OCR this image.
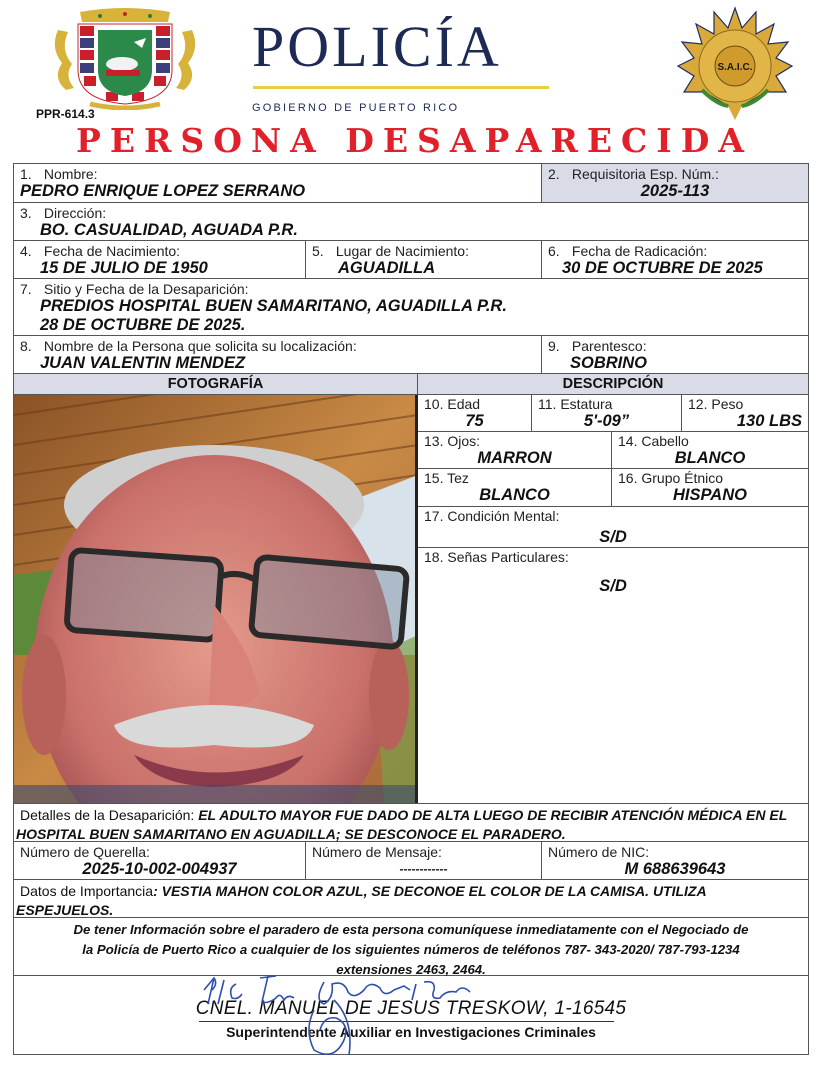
PPR-614.3
POLICÍA
GOBIERNO DE PUERTO RICO
S.A.I.C.
PERSONA DESAPARECIDA
1. Nombre:
PEDRO ENRIQUE LOPEZ SERRANO
2. Requisitoria Esp. Núm.:
2025-113
3. Dirección:
BO. CASUALIDAD, AGUADA P.R.
4. Fecha de Nacimiento:
15 DE JULIO DE 1950
5. Lugar de Nacimiento:
AGUADILLA
6. Fecha de Radicación:
30 DE OCTUBRE DE 2025
7. Sitio y Fecha de la Desaparición:
PREDIOS HOSPITAL BUEN SAMARITANO, AGUADILLA P.R.
28 DE OCTUBRE DE 2025.
8. Nombre de la Persona que solicita su localización:
JUAN VALENTIN MENDEZ
9. Parentesco:
SOBRINO
FOTOGRAFÍA	DESCRIPCIÓN
10. Edad
75
11. Estatura
5'-09”
12. Peso
130 LBS
13. Ojos:
MARRON
14. Cabello
BLANCO
15. Tez
BLANCO
16. Grupo Étnico
HISPANO
17. Condición Mental:
S/D
18. Señas Particulares:
S/D
Detalles de la Desaparición: EL ADULTO MAYOR FUE DADO DE ALTA LUEGO DE RECIBIR ATENCIÓN MÉDICA EN EL HOSPITAL BUEN SAMARITANO EN AGUADILLA; SE DESCONOCE EL PARADERO.
Número de Querella:
2025-10-002-004937
Número de Mensaje:
------------
Número de NIC:
M 688639643
Datos de Importancia: VESTIA MAHON COLOR AZUL, SE DECONOE EL COLOR DE LA CAMISA. UTILIZA ESPEJUELOS.
De tener Información sobre el paradero de esta persona comuníquese inmediatamente con el Negociado de
la Policía de Puerto Rico a cualquier de los siguientes números de teléfonos 787- 343-2020/ 787-793-1234
extensiones 2463, 2464.
CNEL. MANUEL DE JESUS TRESKOW, 1-16545
Superintendente Auxiliar en Investigaciones Criminales
